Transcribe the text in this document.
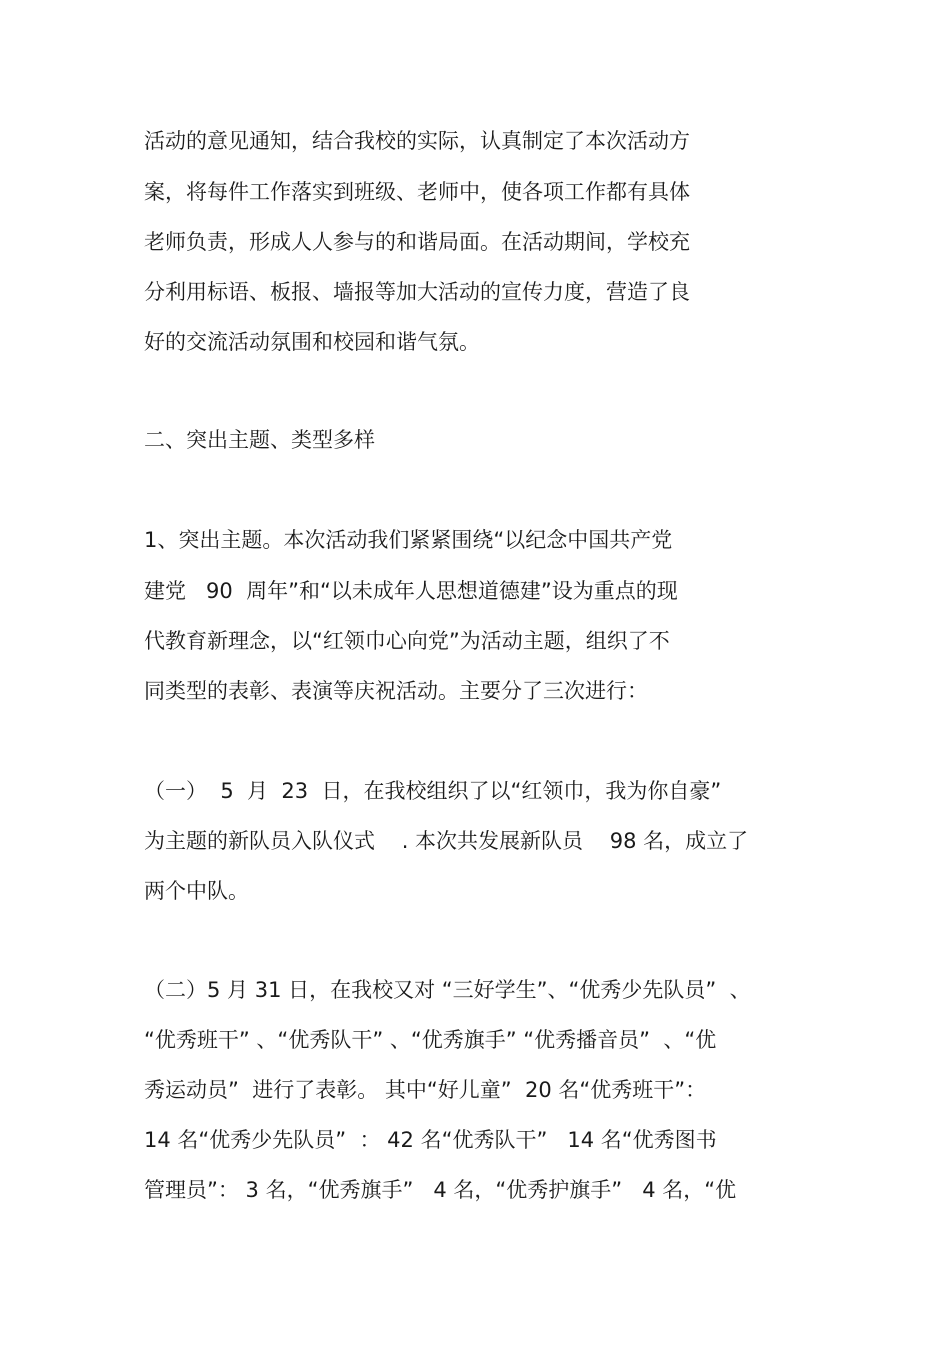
活动的意见通知，结合我校的实际，认真制定了本次活动方
案，将每件工作落实到班级、老师中，使各项工作都有具体
老师负责，形成人人参与的和谐局面。在活动期间，学校充
分利用标语、板报、墙报等加大活动的宣传力度，营造了良
好的交流活动氛围和校园和谐气氛。
二、突出主题、类型多样
1、突出主题。本次活动我们紧紧围绕“以纪念中国共产党
建党   90  周年”和“以未成年人思想道德建”设为重点的现
代教育新理念，以“红领巾心向党”为活动主题，组织了不
同类型的表彰、表演等庆祝活动。主要分了三次进行：
（一）  5  月  23  日，在我校组织了以“红领巾，我为你自豪”
为主题的新队员入队仪式    . 本次共发展新队员    98 名，成立了
两个中队。
（二）5 月 31 日，在我校又对 “三好学生”、“优秀少先队员”  、
“优秀班干” 、“优秀队干” 、“优秀旗手” “优秀播音员”  、“优
秀运动员”  进行了表彰。 其中“好儿童”  20 名“优秀班干”：
14 名“优秀少先队员”  ： 42 名“优秀队干”   14 名“优秀图书
管理员”： 3 名，“优秀旗手”   4 名，“优秀护旗手”   4 名，“优
